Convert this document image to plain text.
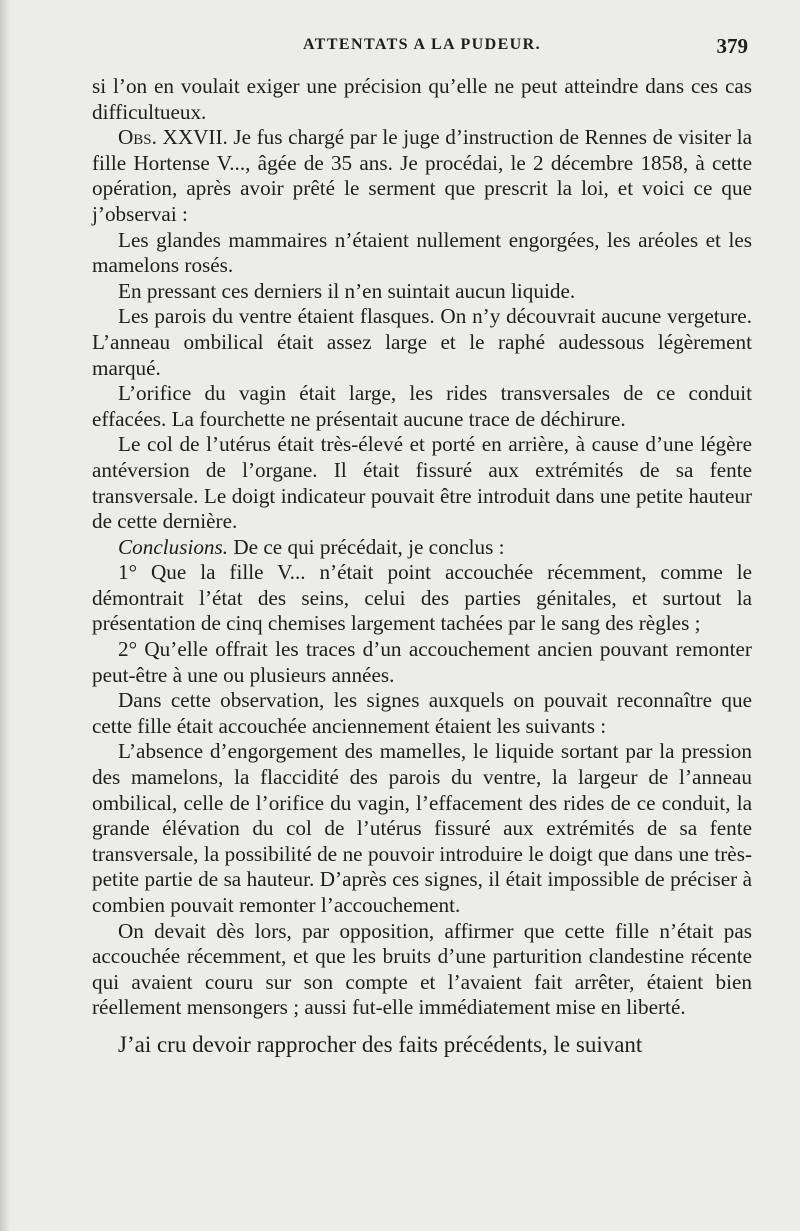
ATTENTATS A LA PUDEUR.	379

si l’on en voulait exiger une précision qu’elle ne peut atteindre dans ces cas difficultueux.

Obs. XXVII. Je fus chargé par le juge d’instruction de Rennes de visiter la fille Hortense V..., âgée de 35 ans. Je procédai, le 2 décembre 1858, à cette opération, après avoir prêté le serment que prescrit la loi, et voici ce que j’observai :

Les glandes mammaires n’étaient nullement engorgées, les aréoles et les mamelons rosés.

En pressant ces derniers il n’en suintait aucun liquide.

Les parois du ventre étaient flasques. On n’y découvrait aucune vergeture. L’anneau ombilical était assez large et le raphé audessous légèrement marqué.

L’orifice du vagin était large, les rides transversales de ce conduit effacées. La fourchette ne présentait aucune trace de déchirure.

Le col de l’utérus était très-élevé et porté en arrière, à cause d’une légère antéversion de l’organe. Il était fissuré aux extrémités de sa fente transversale. Le doigt indicateur pouvait être introduit dans une petite hauteur de cette dernière.

Conclusions. De ce qui précédait, je conclus :

1° Que la fille V... n’était point accouchée récemment, comme le démontrait l’état des seins, celui des parties génitales, et surtout la présentation de cinq chemises largement tachées par le sang des règles ;

2° Qu’elle offrait les traces d’un accouchement ancien pouvant remonter peut-être à une ou plusieurs années.

Dans cette observation, les signes auxquels on pouvait reconnaître que cette fille était accouchée anciennement étaient les suivants :

L’absence d’engorgement des mamelles, le liquide sortant par la pression des mamelons, la flaccidité des parois du ventre, la largeur de l’anneau ombilical, celle de l’orifice du vagin, l’effacement des rides de ce conduit, la grande élévation du col de l’utérus fissuré aux extrémités de sa fente transversale, la possibilité de ne pouvoir introduire le doigt que dans une très-petite partie de sa hauteur. D’après ces signes, il était impossible de préciser à combien pouvait remonter l’accouchement.

On devait dès lors, par opposition, affirmer que cette fille n’était pas accouchée récemment, et que les bruits d’une parturition clandestine récente qui avaient couru sur son compte et l’avaient fait arrêter, étaient bien réellement mensongers ; aussi fut-elle immédiatement mise en liberté.

J’ai cru devoir rapprocher des faits précédents, le suivant
